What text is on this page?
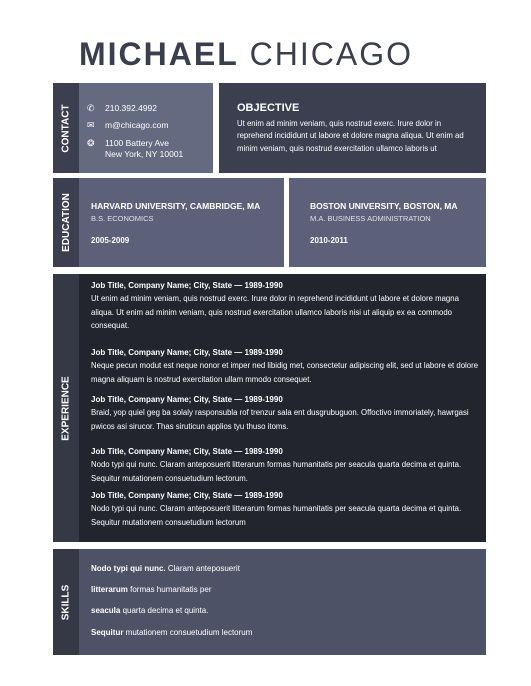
MICHAEL CHICAGO
CONTACT ✆	210.392.4992
✉	m@chicago.com
❂	1100 Battery Ave
New York, NY 10001
OBJECTIVE
Ut enim ad minim veniam, quis nostrud exerc. Irure dolor in reprehend incididunt ut labore et dolore magna aliqua. Ut enim ad minim veniam, quis nostrud exercitation ullamco laboris ut
EDUCATION HARVARD UNIVERSITY, CAMBRIDGE, MA
B.S. ECONOMICS
2005-2009
BOSTON UNIVERSITY, BOSTON, MA
M.A. BUSINESS ADMINISTRATION
2010-2011
EXPERIENCE
Job Title, Company Name; City, State — 1989-1990
Ut enim ad minim veniam, quis nostrud exerc. Irure dolor in reprehend incididunt ut labore et dolore magna aliqua. Ut enim ad minim veniam, quis nostrud exercitation ullamco laboris nisi ut aliquip ex ea commodo consequat.
Job Title, Company Name; City, State — 1989-1990
Neque pecun modut est neque nonor et imper ned libidig met, consectetur adipiscing elit, sed ut labore et dolore magna aliquam is nostrud exercitation ullam mmodo consequet.
Job Title, Company Name; City, State — 1989-1990
Braid, yop quiel geg ba solaly rasponsubla rof trenzur sala ent dusgrubuguon. Offoctivo immoriately, hawrgasi pwicos asi sirucor. Thas siruticun applios tyu thuso itoms.
Job Title, Company Name; City, State — 1989-1990
Nodo typi qui nunc. Claram anteposuerit litterarum formas humanitatis per seacula quarta decima et quinta. Sequitur mutationem consuetudium lectorum.
Job Title, Company Name; City, State — 1989-1990
Nodo typi qui nunc. Claram anteposuerit litterarum formas humanitatis per seacula quarta decima et quinta. Sequitur mutationem consuetudium lectorum
SKILLS
Nodo typi qui nunc. Claram anteposuerit
litterarum formas humanitatis per
seacula quarta decima et quinta.
Sequitur mutationem consuetudium lectorum
